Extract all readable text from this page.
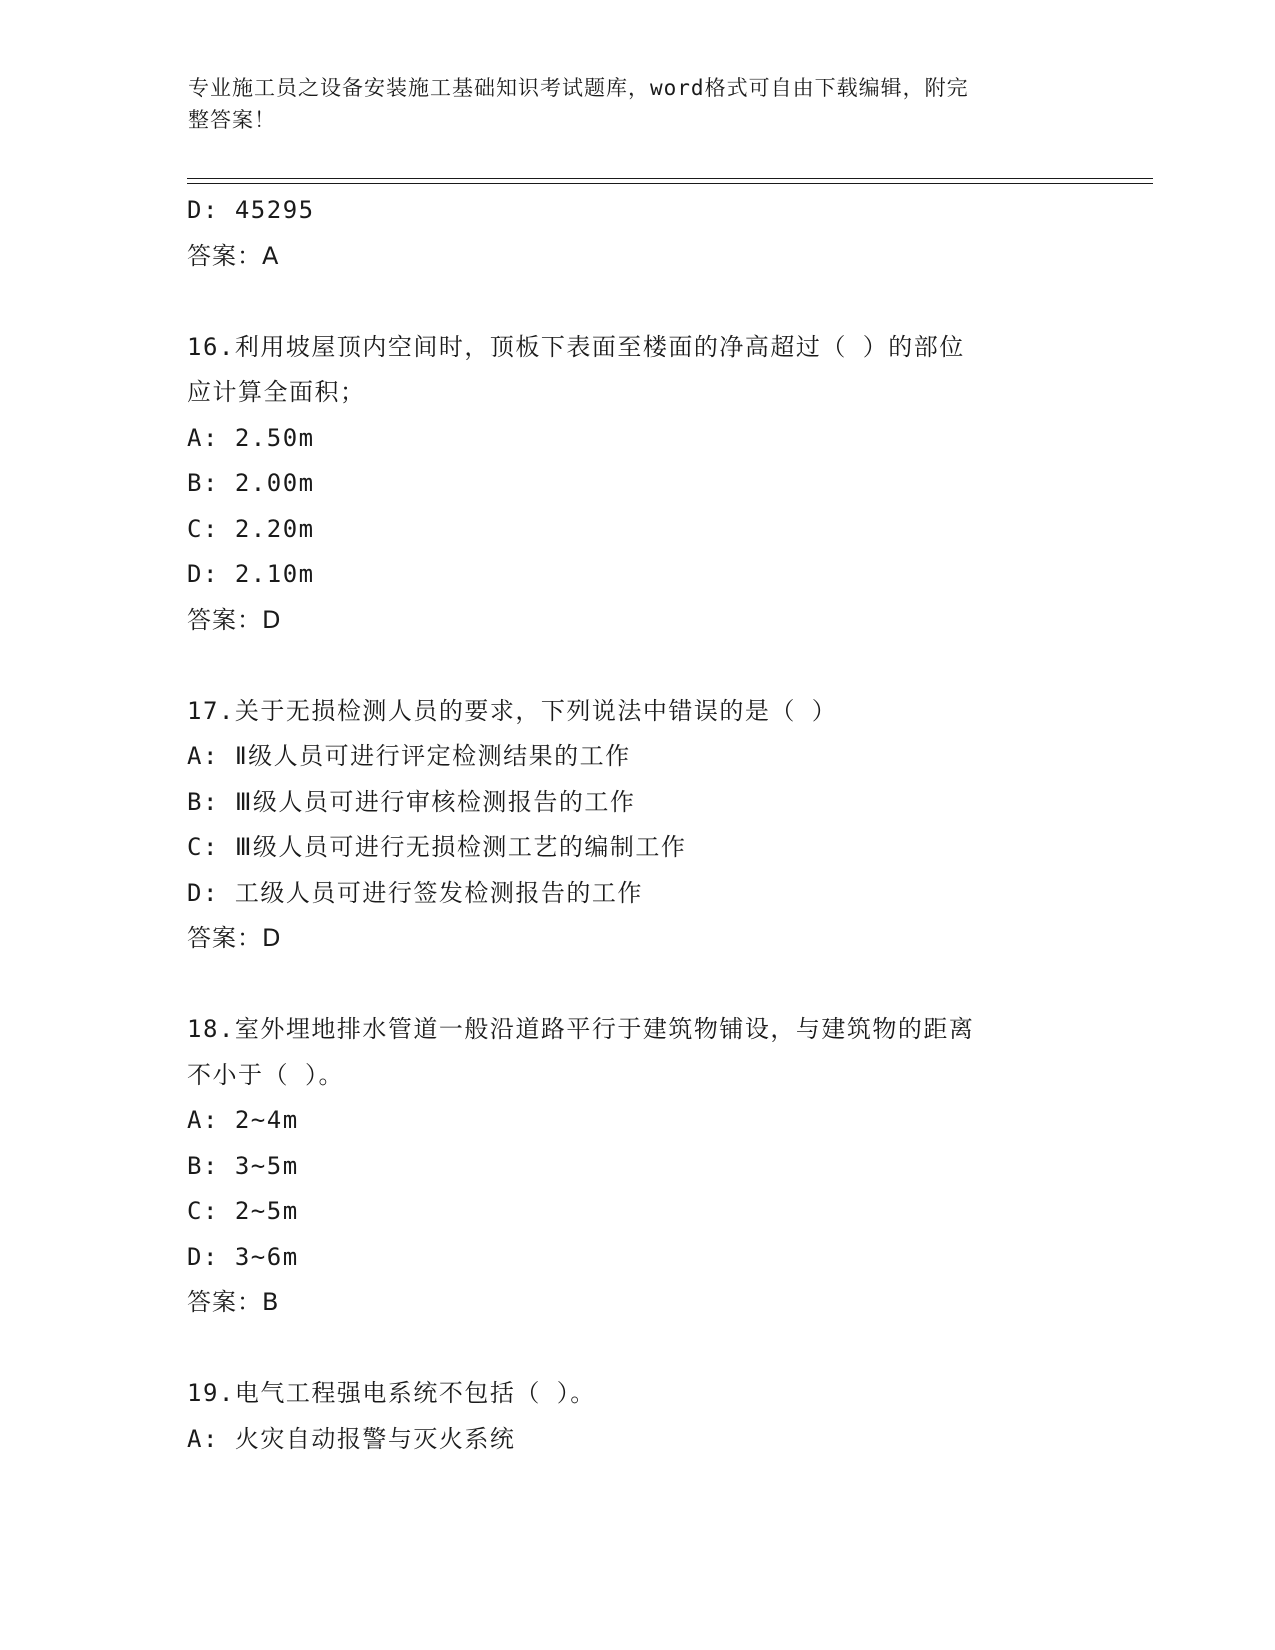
专业施工员之设备安装施工基础知识考试题库，word格式可自由下载编辑，附完
整答案！
D: 45295
答案：A
16.利用坡屋顶内空间时，顶板下表面至楼面的净高超过（ ）的部位
应计算全面积；
A: 2.50m
B: 2.00m
C: 2.20m
D: 2.10m
答案：D
17.关于无损检测人员的要求，下列说法中错误的是（ ）
A: Ⅱ级人员可进行评定检测结果的工作
B: Ⅲ级人员可进行审核检测报告的工作
C: Ⅲ级人员可进行无损检测工艺的编制工作
D: 工级人员可进行签发检测报告的工作
答案：D
18.室外埋地排水管道一般沿道路平行于建筑物铺设，与建筑物的距离
不小于（ ）。
A: 2~4m
B: 3~5m
C: 2~5m
D: 3~6m
答案：B
19.电气工程强电系统不包括（ ）。
A: 火灾自动报警与灭火系统
